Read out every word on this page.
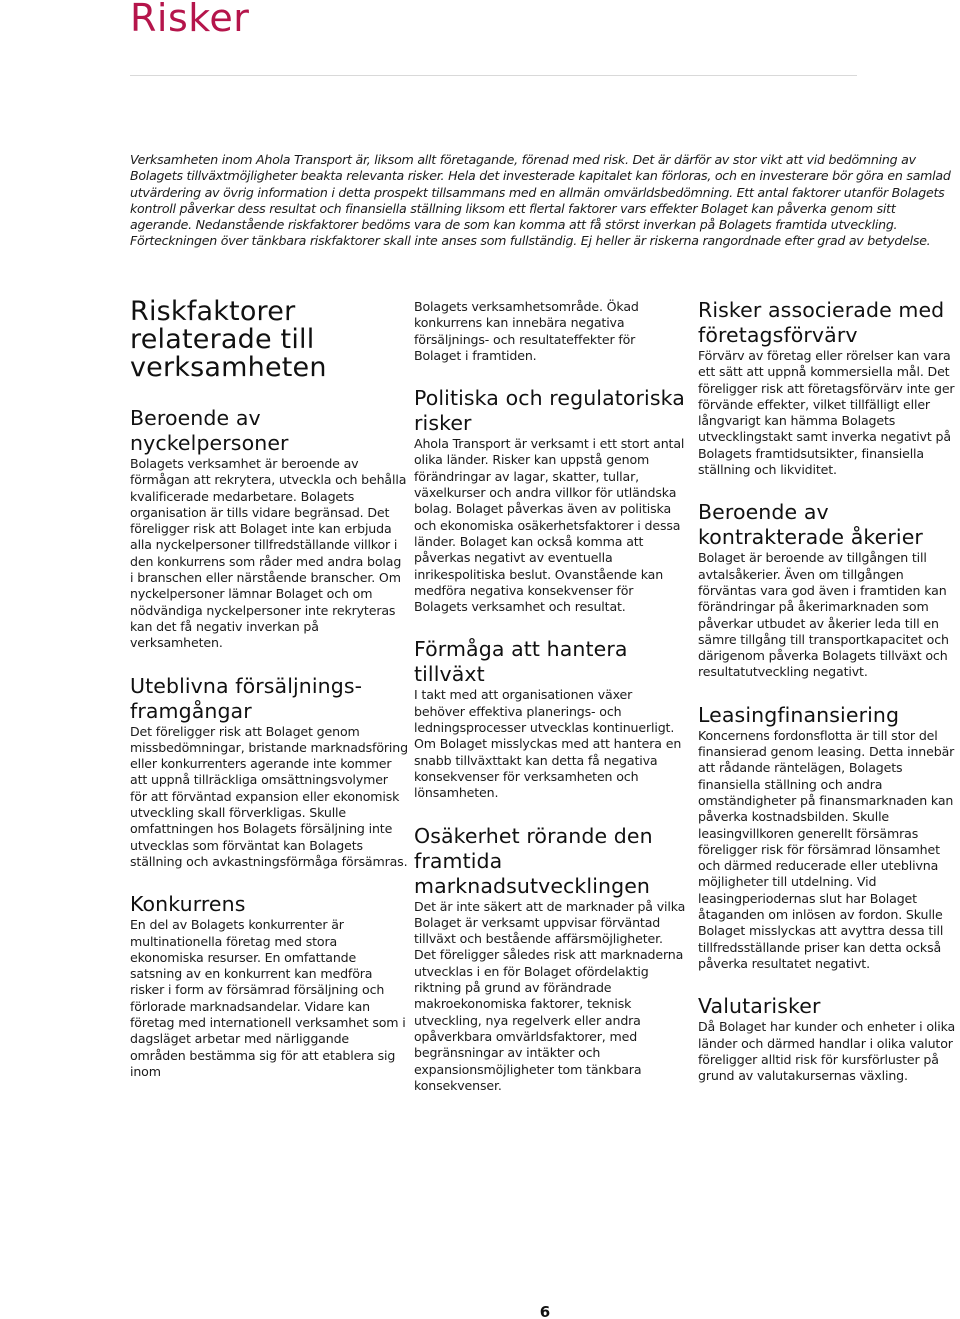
Risker

Verksamheten inom Ahola Transport är, liksom allt företagande, förenad med risk. Det är därför av stor vikt att vid bedömning av Bolagets tillväxtmöjligheter beakta relevanta risker. Hela det investerade kapitalet kan förloras, och en investerare bör göra en samlad utvärdering av övrig information i detta prospekt tillsammans med en allmän omvärldsbedömning. Ett antal faktorer utanför Bolagets kontroll påverkar dess resultat och finansiella ställning liksom ett flertal faktorer vars effekter Bolaget kan påverka genom sitt agerande. Nedanstående riskfaktorer bedöms vara de som kan komma att få störst inverkan på Bolagets framtida utveckling. Förteckningen över tänkbara riskfaktorer skall inte anses som fullständig. Ej heller är riskerna rangordnade efter grad av betydelse.

Riskfaktorer relaterade till verksamheten
Beroende av nyckelpersoner

Bolagets verksamhet är beroende av förmågan att rekrytera, utveckla och behålla kvalificerade medarbetare. Bolagets organisation är tills vidare begränsad. Det föreligger risk att Bolaget inte kan erbjuda alla nyckelpersoner tillfredställande villkor i den konkurrens som råder med andra bolag i branschen eller närstående branscher. Om nyckelpersoner lämnar Bolaget och om nödvändiga nyckelpersoner inte rekryteras kan det få negativ inverkan på verksamheten.

Uteblivna försäljnings-framgångar

Det föreligger risk att Bolaget genom missbedömningar, bristande marknadsföring eller konkurrenters agerande inte kommer att uppnå tillräckliga omsättningsvolymer för att förväntad expansion eller ekonomisk utveckling skall förverkligas. Skulle omfattningen hos Bolagets försäljning inte utvecklas som förväntat kan Bolagets ställning och avkastningsförmåga försämras.

Konkurrens

En del av Bolagets konkurrenter är multinationella företag med stora ekonomiska resurser. En omfattande satsning av en konkurrent kan medföra risker i form av försämrad försäljning och förlorade marknadsandelar. Vidare kan företag med internationell verksamhet som i dagsläget arbetar med närliggande områden bestämma sig för att etablera sig inom

Bolagets verksamhetsområde. Ökad konkurrens kan innebära negativa försäljnings- och resultateffekter för Bolaget i framtiden.

Politiska och regulatoriska risker

Ahola Transport är verksamt i ett stort antal olika länder. Risker kan uppstå genom förändringar av lagar, skatter, tullar, växelkurser och andra villkor för utländska bolag. Bolaget påverkas även av politiska och ekonomiska osäkerhetsfaktorer i dessa länder. Bolaget kan också komma att påverkas negativt av eventuella inrikespolitiska beslut. Ovanstående kan medföra negativa konsekvenser för Bolagets verksamhet och resultat.

Förmåga att hantera tillväxt

I takt med att organisationen växer behöver effektiva planerings- och ledningsprocesser utvecklas kontinuerligt. Om Bolaget misslyckas med att hantera en snabb tillväxttakt kan detta få negativa konsekvenser för verksamheten och lönsamheten.

Osäkerhet rörande den framtida marknadsutvecklingen

Det är inte säkert att de marknader på vilka Bolaget är verksamt uppvisar förväntad tillväxt och bestående affärsmöjligheter. Det föreligger således risk att marknaderna utvecklas i en för Bolaget ofördelaktig riktning på grund av förändrade makroekonomiska faktorer, teknisk utveckling, nya regelverk eller andra opåverkbara omvärldsfaktorer, med begränsningar av intäkter och expansionsmöjligheter tom tänkbara konsekvenser.

Risker associerade med företagsförvärv

Förvärv av företag eller rörelser kan vara ett sätt att uppnå kommersiella mål. Det föreligger risk att företagsförvärv inte ger förvände effekter, vilket tillfälligt eller långvarigt kan hämma Bolagets utvecklingstakt samt inverka negativt på Bolagets framtidsutsikter, finansiella ställning och likviditet.

Beroende av kontrakterade åkerier

Bolaget är beroende av tillgången till avtalsåkerier. Även om tillgången förväntas vara god även i framtiden kan förändringar på åkerimarknaden som påverkar utbudet av åkerier leda till en sämre tillgång till transportkapacitet och därigenom påverka Bolagets tillväxt och resultatutveckling negativt.

Leasingfinansiering

Koncernens fordonsflotta är till stor del finansierad genom leasing. Detta innebär att rådande räntelägen, Bolagets finansiella ställning och andra omständigheter på finansmarknaden kan påverka kostnadsbilden. Skulle leasingvillkoren generellt försämras föreligger risk för försämrad lönsamhet och därmed reducerade eller uteblivna möjligheter till utdelning. Vid leasingperiodernas slut har Bolaget åtaganden om inlösen av fordon. Skulle Bolaget misslyckas att avyttra dessa till tillfredsställande priser kan detta också påverka resultatet negativt.

Valutarisker

Då Bolaget har kunder och enheter i olika länder och därmed handlar i olika valutor föreligger alltid risk för kursförluster på grund av valutakursernas växling.

6
